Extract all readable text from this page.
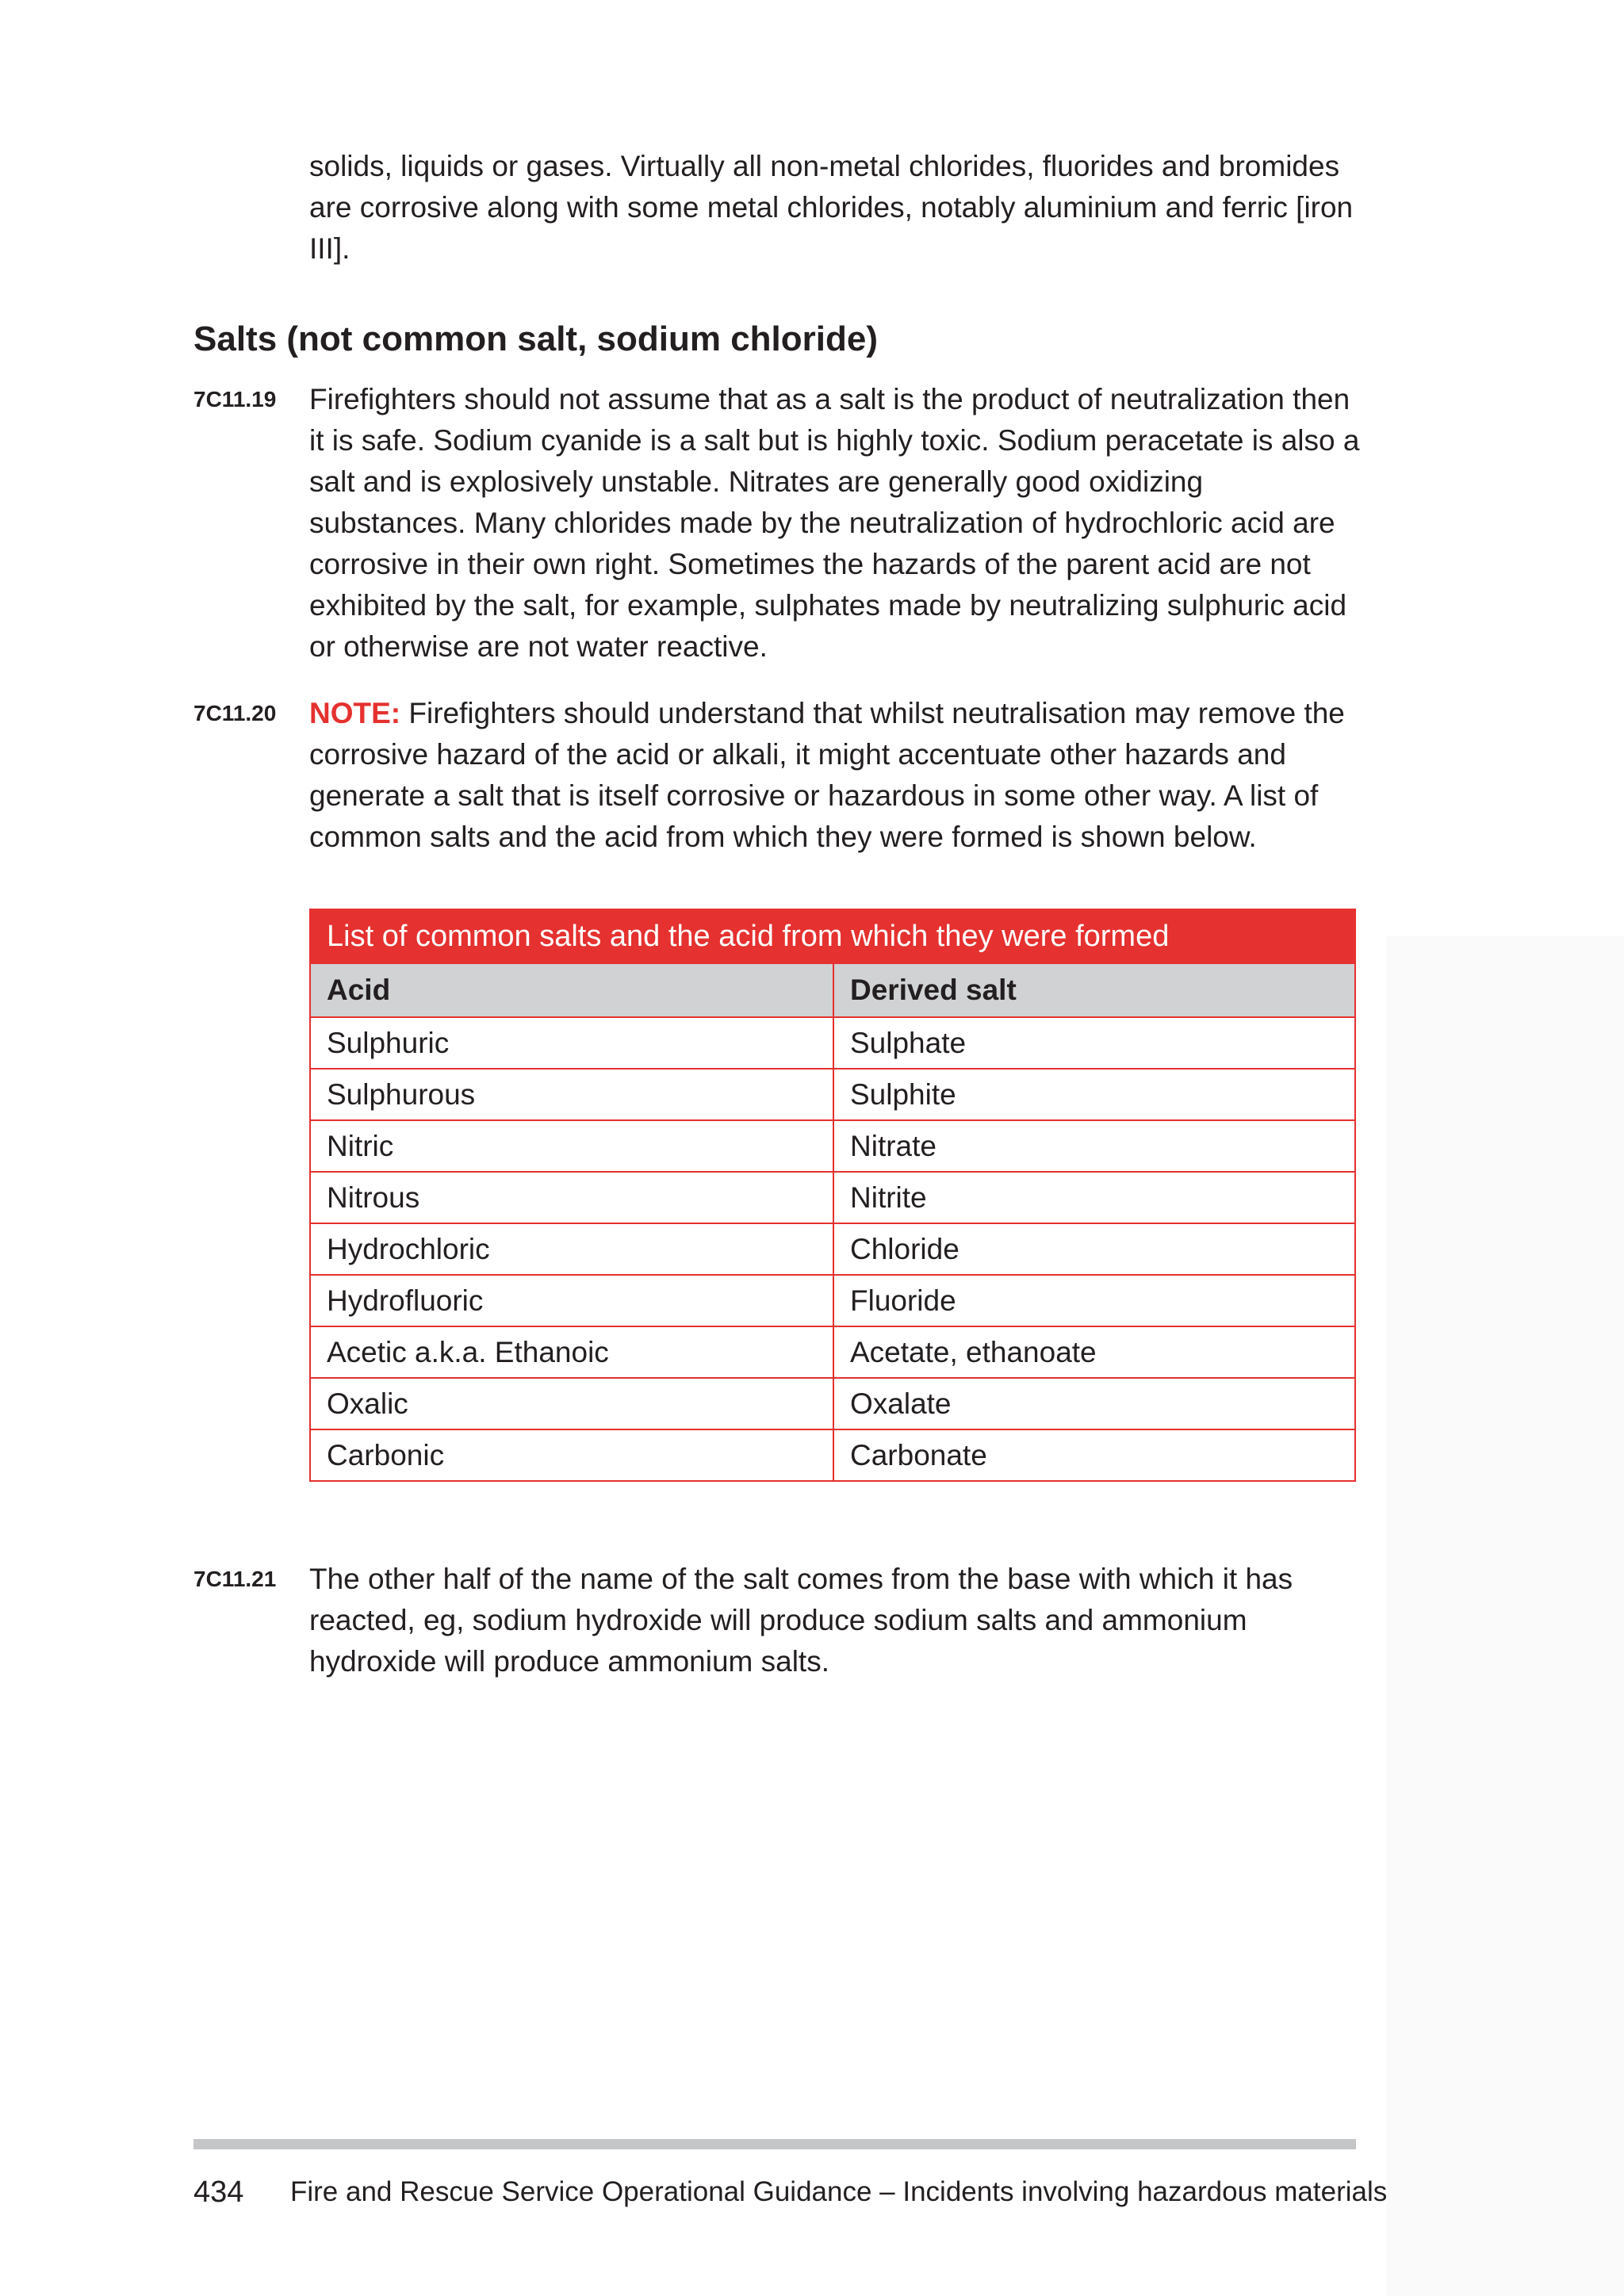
solids, liquids or gases. Virtually all non-metal chlorides, fluorides and bromides are corrosive along with some metal chlorides, notably aluminium and ferric [iron III].
Salts (not common salt, sodium chloride)
7C11.19 Firefighters should not assume that as a salt is the product of neutralization then it is safe. Sodium cyanide is a salt but is highly toxic. Sodium peracetate is also a salt and is explosively unstable. Nitrates are generally good oxidizing substances. Many chlorides made by the neutralization of hydrochloric acid are corrosive in their own right. Sometimes the hazards of the parent acid are not exhibited by the salt, for example, sulphates made by neutralizing sulphuric acid or otherwise are not water reactive.
7C11.20 NOTE: Firefighters should understand that whilst neutralisation may remove the corrosive hazard of the acid or alkali, it might accentuate other hazards and generate a salt that is itself corrosive or hazardous in some other way. A list of common salts and the acid from which they were formed is shown below.
List of common salts and the acid from which they were formed	
Acid	Derived salt
Sulphuric	Sulphate
Sulphurous	Sulphite
Nitric	Nitrate
Nitrous	Nitrite
Hydrochloric	Chloride
Hydrofluoric	Fluoride
Acetic a.k.a. Ethanoic	Acetate, ethanoate
Oxalic	Oxalate
Carbonic	Carbonate
7C11.21 The other half of the name of the salt comes from the base with which it has reacted, eg, sodium hydroxide will produce sodium salts and ammonium hydroxide will produce ammonium salts.
434 Fire and Rescue Service Operational Guidance – Incidents involving hazardous materials
